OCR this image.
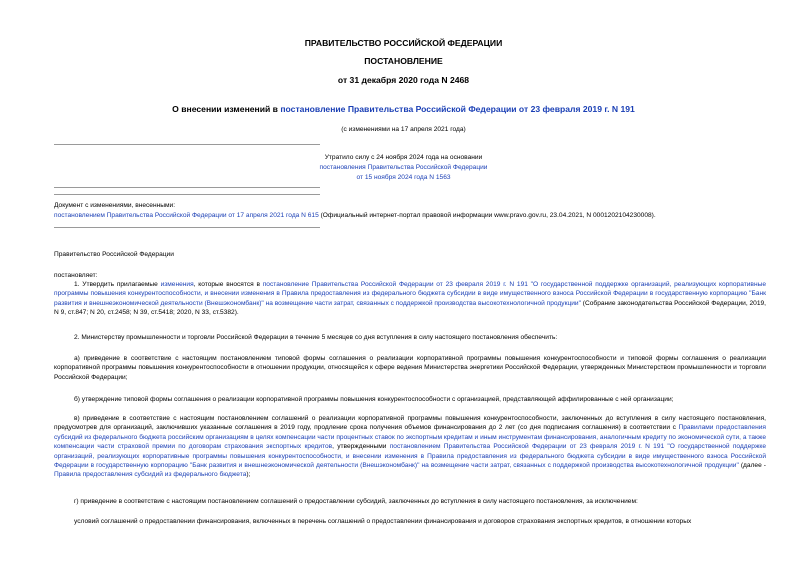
ПРАВИТЕЛЬСТВО РОССИЙСКОЙ ФЕДЕРАЦИИ
ПОСТАНОВЛЕНИЕ
от 31 декабря 2020 года N 2468
О внесении изменений в постановление Правительства Российской Федерации от 23 февраля 2019 г. N 191
(с изменениями на 17 апреля 2021 года)
Утратило силу с 24 ноября 2024 года на основании
постановления Правительства Российской Федерации
от 15 ноября 2024 года N 1563
Документ с изменениями, внесенными:
постановлением Правительства Российской Федерации от 17 апреля 2021 года N 615 (Официальный интернет-портал правовой информации www.pravo.gov.ru, 23.04.2021, N 0001202104230008).
Правительство Российской Федерации
постановляет:

1. Утвердить прилагаемые изменения, которые вносятся в постановление Правительства Российской Федерации от 23 февраля 2019 г. N 191 "О государственной поддержке организаций, реализующих корпоративные программы повышения конкурентоспособности, и внесении изменения в Правила предоставления из федерального бюджета субсидии в виде имущественного взноса Российской Федерации в государственную корпорацию "Банк развития и внешнеэкономической деятельности (Внешэкономбанк)" на возмещение части затрат, связанных с поддержкой производства высокотехнологичной продукции" (Собрание законодательства Российской Федерации, 2019, N 9, ст.847; N 20, ст.2458; N 39, ст.5418; 2020, N 33, ст.5382).

2. Министерству промышленности и торговли Российской Федерации в течение 5 месяцев со дня вступления в силу настоящего постановления обеспечить:

а) приведение в соответствие с настоящим постановлением типовой формы соглашения о реализации корпоративной программы повышения конкурентоспособности и типовой формы соглашения о реализации корпоративной программы повышения конкурентоспособности в отношении продукции, относящейся к сфере ведения Министерства энергетики Российской Федерации, утвержденных Министерством промышленности и торговли Российской Федерации;

б) утверждение типовой формы соглашения о реализации корпоративной программы повышения конкурентоспособности с организацией, представляющей аффилированные с ней организации;

в) приведение в соответствие с настоящим постановлением соглашений о реализации корпоративной программы повышения конкурентоспособности, заключенных до вступления в силу настоящего постановления, предусмотрев для организаций, заключивших указанные соглашения в 2019 году, продление срока получения объемов финансирования до 2 лет (со дня подписания соглашения) в соответствии с Правилами предоставления субсидий из федерального бюджета российским организациям в целях компенсации части процентных ставок по экспортным кредитам и иным инструментам финансирования, аналогичным кредиту по экономической сути, а также компенсации части страховой премии по договорам страхования экспортных кредитов, утвержденными постановлением Правительства Российской Федерации от 23 февраля 2019 г. N 191 "О государственной поддержке организаций, реализующих корпоративные программы повышения конкурентоспособности, и внесении изменения в Правила предоставления из федерального бюджета субсидии в виде имущественного взноса Российской Федерации в государственную корпорацию "Банк развития и внешнеэкономической деятельности (Внешэкономбанк)" на возмещение части затрат, связанных с поддержкой производства высокотехнологичной продукции" (далее - Правила предоставления субсидий из федерального бюджета);

г) приведение в соответствие с настоящим постановлением соглашений о предоставлении субсидий, заключенных до вступления в силу настоящего постановления, за исключением:

условий соглашений о предоставлении финансирования, включенных в перечень соглашений о предоставлении финансирования и договоров страхования экспортных кредитов, в отношении которых
